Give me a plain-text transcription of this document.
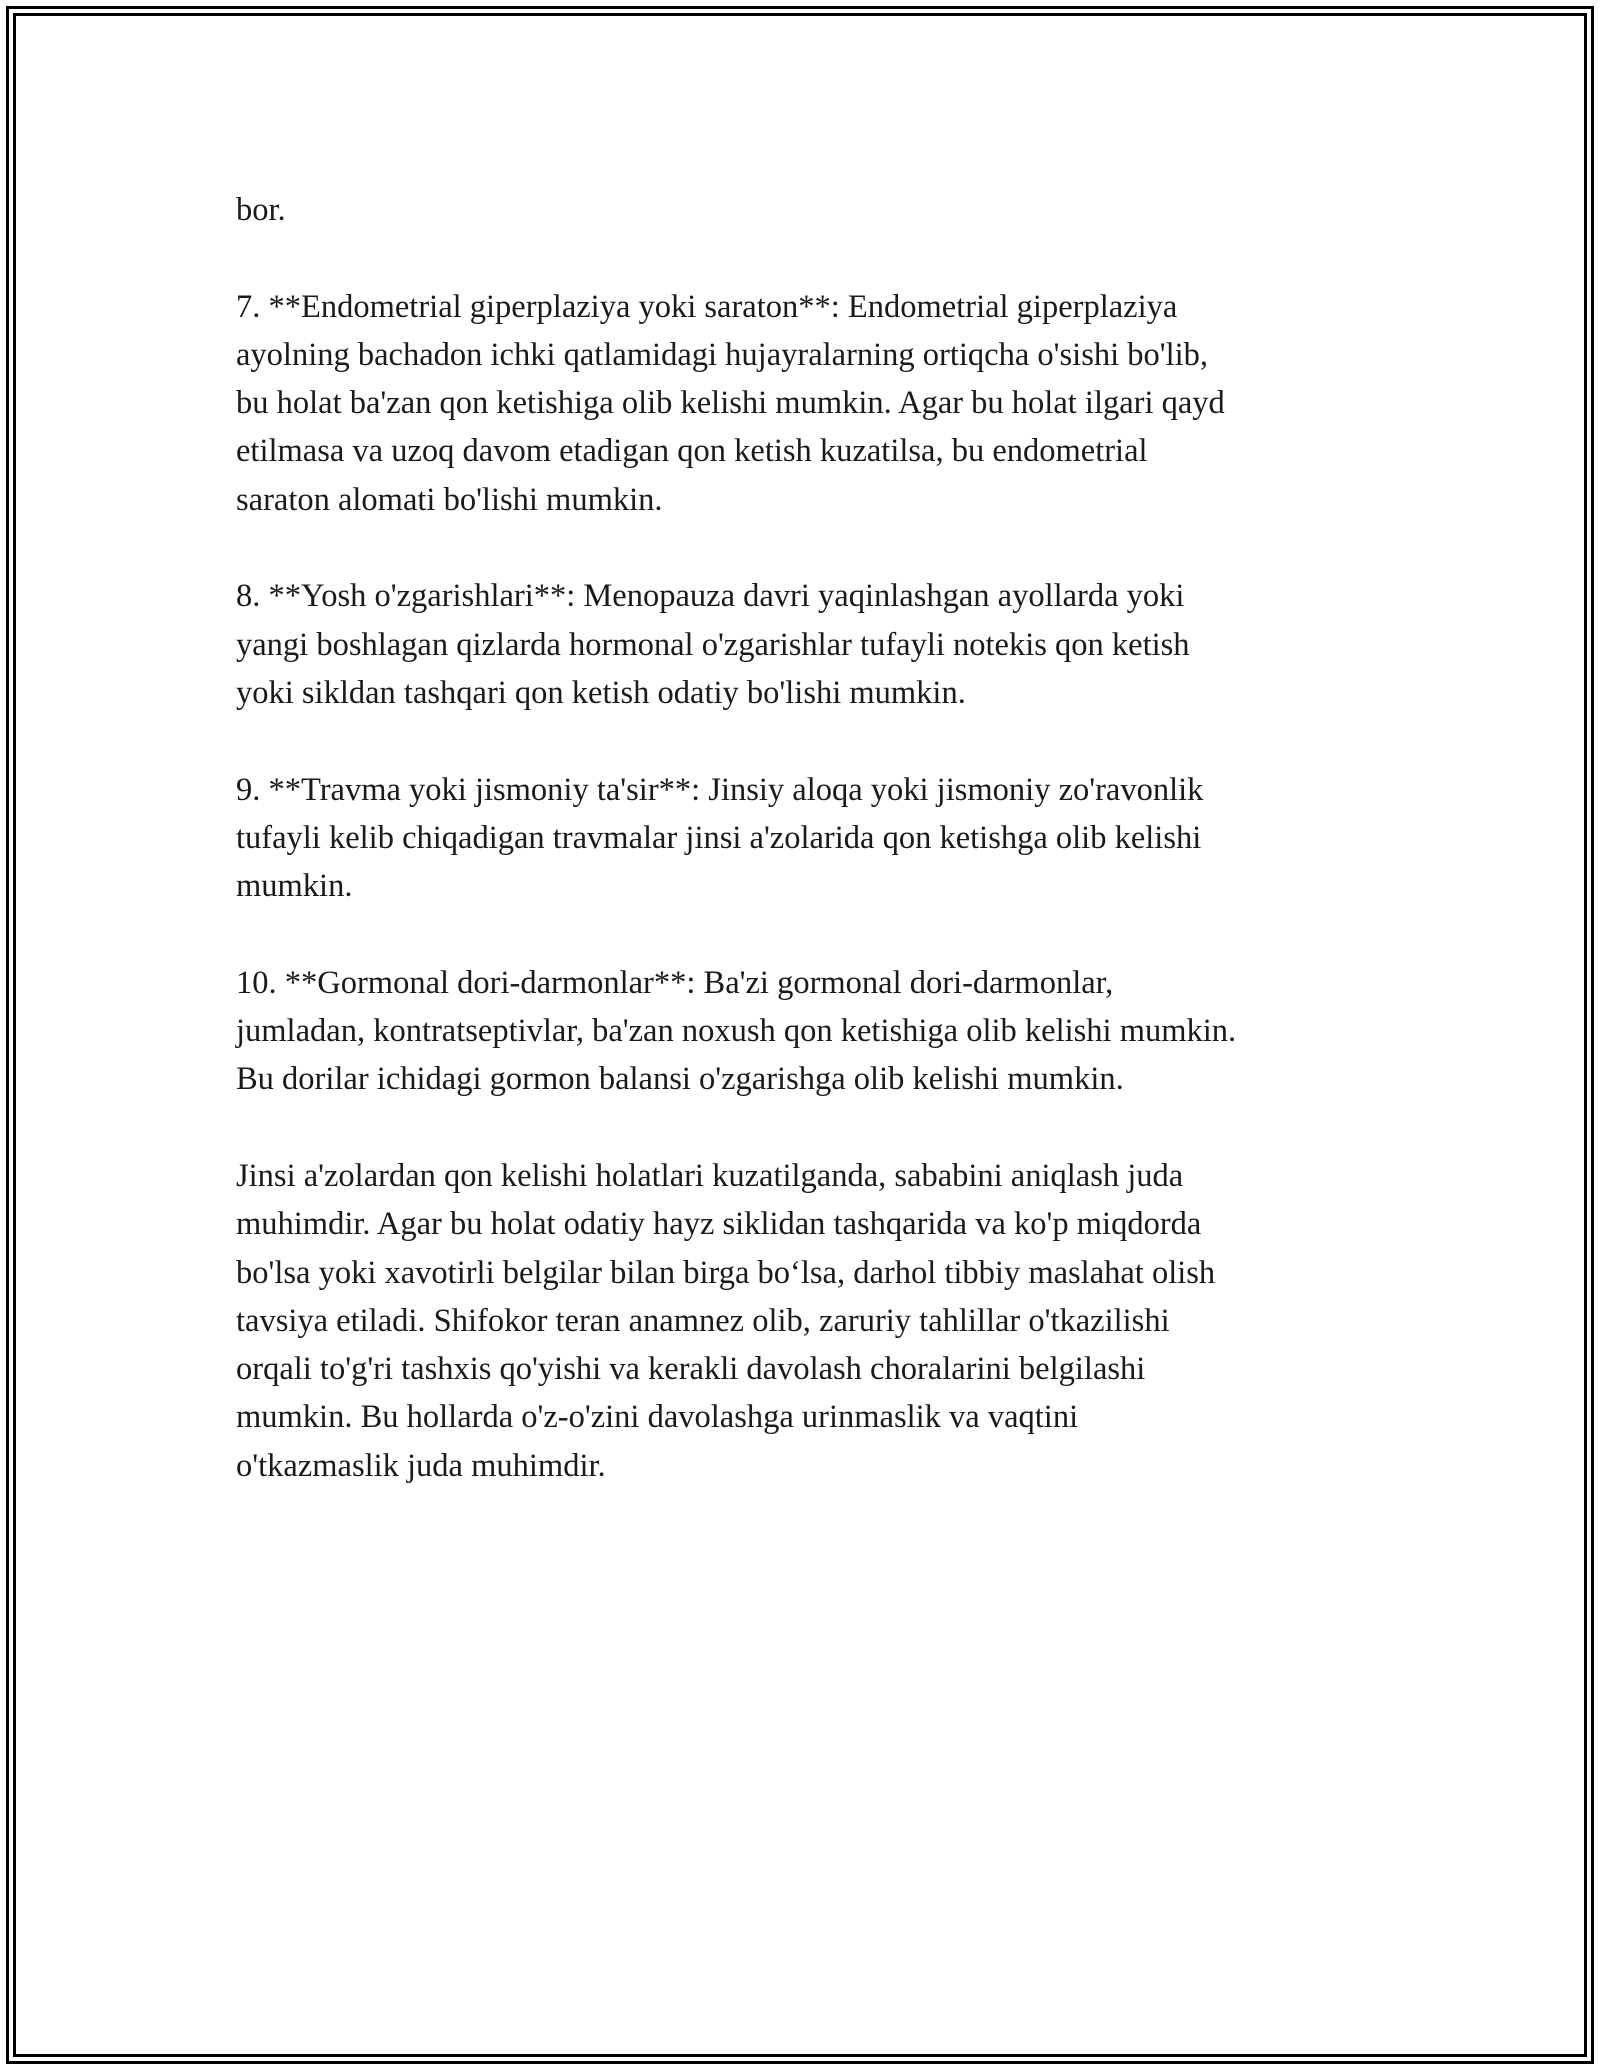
bor.

7. **Endometrial giperplaziya yoki saraton**: Endometrial giperplaziya
ayolning bachadon ichki qatlamidagi hujayralarning ortiqcha o'sishi bo'lib,
bu holat ba'zan qon ketishiga olib kelishi mumkin. Agar bu holat ilgari qayd
etilmasa va uzoq davom etadigan qon ketish kuzatilsa, bu endometrial
saraton alomati bo'lishi mumkin.

8. **Yosh o'zgarishlari**: Menopauza davri yaqinlashgan ayollarda yoki
yangi boshlagan qizlarda hormonal o'zgarishlar tufayli notekis qon ketish
yoki sikldan tashqari qon ketish odatiy bo'lishi mumkin.

9. **Travma yoki jismoniy ta'sir**: Jinsiy aloqa yoki jismoniy zo'ravonlik
tufayli kelib chiqadigan travmalar jinsi a'zolarida qon ketishga olib kelishi
mumkin.

10. **Gormonal dori-darmonlar**: Ba'zi gormonal dori-darmonlar,
jumladan, kontratseptivlar, ba'zan noxush qon ketishiga olib kelishi mumkin.
Bu dorilar ichidagi gormon balansi o'zgarishga olib kelishi mumkin.

Jinsi a'zolardan qon kelishi holatlari kuzatilganda, sababini aniqlash juda
muhimdir. Agar bu holat odatiy hayz siklidan tashqarida va ko'p miqdorda
bo'lsa yoki xavotirli belgilar bilan birga bo‘lsa, darhol tibbiy maslahat olish
tavsiya etiladi. Shifokor teran anamnez olib, zaruriy tahlillar o'tkazilishi
orqali to'g'ri tashxis qo'yishi va kerakli davolash choralarini belgilashi
mumkin. Bu hollarda o'z-o'zini davolashga urinmaslik va vaqtini
o'tkazmaslik juda muhimdir.
